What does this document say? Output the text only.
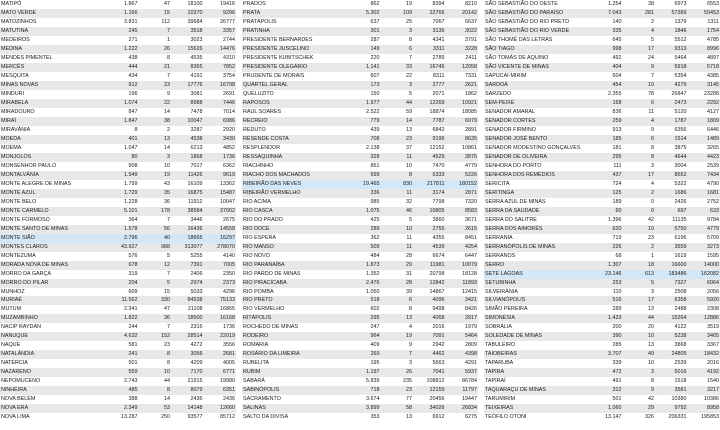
MATIPÓ	1.867	47	18100	19416
MATO VERDE	1.166	15	10370	9296
MATOZINHOS	3.831	112	39684	26777
MATUTINA	245	7	3518	3357
MEDEIROS	271	1	3023	2744
MEDINA	1.222	26	15626	14476
MENDES PIMENTEL	438	8	4535	4310
MERCÊS	444	21	8365	7852
MESQUITA	434	7	4191	3754
MINAS NOVAS	912	23	17776	16798
MINDURI	196	9	3081	2691
MIRABELA	1.074	22	8988	7446
MIRADOURO	847	14	7478	7014
MIRAÍ	1.847	38	10047	6986
MIRAVÂNIA	8	2	3287	2920
MOEDA	401	13	4538	3430
MOEMA	1.047	14	6213	4852
MONJOLOS	80	3	1868	1736
MONSENHOR PAULO	908	10	7017	6362
MONTALVÂNIA	1.549	19	11426	9619
MONTE ALEGRE DE MINAS	1.799	43	16109	13362
MONTE AZUL	1.729	35	16875	15487
MONTE BELO	1.228	36	11912	10047
MONTE CARMELO	5.101	178	38584	37002
MONTE FORMOSO	364	7	3446	2675
MONTE SANTO DE MINAS	1.578	56	16436	14558
MONTE SIÃO	2.796	40	18665	16297
MONTES CLAROS	43.927	988	313077	278070
MONTEZUMA	576	5	5255	4140
MORADA NOVA DE MINAS	678	12	7391	7005
MORRO DA GARÇA	319	7	2406	2350
MORRO DO PILAR	204	5	2974	2373
MUNHOZ	609	15	5033	4296
MURIAÉ	11.562	330	84538	75133
MUTUM	2.341	47	21108	16865
MUZAMBINHO	1.822	36	18500	16168
NACIP RAYDAN	244	7	2316	1736
NANUQUE	4.632	152	28514	22019
NAQUE	581	23	4272	3556
NATALÂNDIA	241	8	3056	2681
NATÉRCIA	501	8	4209	4005
NAZARENO	559	10	7170	6771
NEPOMUCENO	2.743	44	21915	19980
NINHEIRA	485	8	8079	6351
NOVA BELÉM	388	14	2436	2436
NOVA ERA	2.349	53	14148	12660
NOVA LIMA	13.287	250	93577	85712
PRADOS	862	19	8394	8210
PRATA	5.302	109	22766	20142
PRATÁPOLIS	637	25	7067	6637
PRATINHA	301	3	3136	3022
PRESIDENTE BERNARDES	287	8	4341	3791
PRESIDENTE JUSCELINO	149	6	3311	3228
PRESIDENTE KUBITSCHEK	220	7	2789	2411
PRESIDENTE OLEGÁRIO	1.141	33	16746	12058
PRUDENTE DE MORAIS	607	22	8311	7331
QUARTEL GERAL	173	3	2777	2621
QUELUZITO	150	5	2071	1862
RAPOSOS	1.977	44	12269	10921
RAUL SOARES	2.522	59	18874	18085
RECREIO	779	14	7787	6979
REDUTO	439	13	6842	2891
RESENDE COSTA	708	23	9196	8635
RESPLENDOR	2.138	37	12152	10861
RESSAQUINHA	328	11	4529	3876
RIACHINHO	861	10	7470	4779
RIACHO DOS MACHADOS	599	8	6333	5226
RIBEIRÃO DAS NEVES	19.465	830	217811	180152
RIBEIRÃO VERMELHO	336	11	3174	2871
RIO ACIMA	985	32	7798	7320
RIO CASCA	1.075	46	10805	8583
RIO DO PRADO	425	5	3860	3671
RIO DOCE	289	10	2755	2615
RIO ESPERA	362	11	4355	8451
RIO MANSO	509	11	4539	4254
RIO NOVO	484	28	6674	6447
RIO PARANAÍBA	1.873	29	11981	10079
RIO PARDO DE MINAS	1.352	31	20798	18128
RIO PIRACICABA	2.476	28	12842	11893
RIO POMBA	1.050	39	14867	12415
RIO PRETO	518	6	4096	3421
RIO VERMELHO	602	8	9498	8426
RITÁPOLIS	295	13	4068	3917
ROCHEDO DE MINAS	247	4	2016	1979
RODEIRO	964	19	7091	5464
ROMARIA	409	9	2942	2809
ROSÁRIO DA LIMEIRA	269	7	4462	4398
RUBELITA	195	3	5663	4291
RUBIM	1.197	26	7041	5937
SABARÁ	5.839	235	108812	86784
SABINÓPOLIS	718	23	12159	11797
SACRAMENTO	3.674	77	20456	19447
SALINAS	3.899	58	34026	26834
SALTO DA DIVISA	353	13	6912	6275
SÃO SEBASTIÃO DO OESTE	1.254	38	6973	6553
SÃO SEBASTIÃO DO PARAÍSO	7.043	281	57389	50453
SÃO SEBASTIÃO DO RIO PRETO	140	2	1379	1311
SÃO SEBASTIÃO DO RIO VERDE	335	4	1846	1754
SÃO THOMÉ DAS LETRAS	645	5	5512	4785
SÃO TIAGO	998	17	9313	8996
SÃO TOMÁS DE AQUINO	492	24	5464	4897
SÃO VICENTE DE MINAS	404	9	5918	5718
SAPUCAÍ-MIRIM	604	7	5354	4385
SARDOÁ	454	10	4279	3145
SARZEDO	2.355	78	26847	23288
SEM-PEIXE	168	6	2473	2292
SENADOR AMARAL	836	11	5120	4127
SENADOR CORTES	259	4	1787	1809
SENADOR FIRMINO	913	9	6356	6446
SENADOR JOSÉ BENTO	185	6	1514	1489
SENADOR MODESTINO GONÇALVES	181	8	3875	3265
SENADOR DE OLIVEIRA	295	8	4644	4423
SENHORA DO PORTO	111	3	3004	2539
SENHORA DOS REMÉDIOS	437	17	8652	7434
SERICITA	724	4	5322	4790
SERITINGA	125	2	1686	1681
SERRA AZUL DE MINAS	189	0	2426	2752
SERRA DA SAUDADE	60	0	697	633
SERRA DO SALITRE	1.396	42	11135	9784
SERRA DOS AIMORÉS	620	10	5750	4779
SERRANIA	719	23	6196	5709
SERRANÓPOLIS DE MINAS	226	2	3559	3273
SERRANOS	68	1	1619	1595
SERRO	1.307	18	16600	14000
SETE LAGOAS	23.146	613	183486	162082
SETUBINHA	253	5	7327	6064
SILVEIRÂNIA	110	3	2508	2056
SILVIANÓPOLIS	516	17	6358	5920
SIMÃO PEREIRA	289	13	2488	2308
SIMONÉSIA	1.433	44	15264	12886
SOBRÁLIA	200	20	4122	3519
SOLEDADE DE MINAS	390	10	5238	3465
TABULEIRO	285	13	3868	3367
TAIOBEIRAS	3.707	49	24805	18432
TAPARUBA	339	10	2539	2016
TAPIRA	472	3	5016	4192
TAPIRAÍ	491	8	1518	1540
TAQUARAÇU DE MINAS	312	9	3581	3217
TARUMIRIM	501	42	10380	10386
TEIXEIRAS	1.060	29	9792	8958
TEÓFILO OTONI	13.147	326	206331	195853
